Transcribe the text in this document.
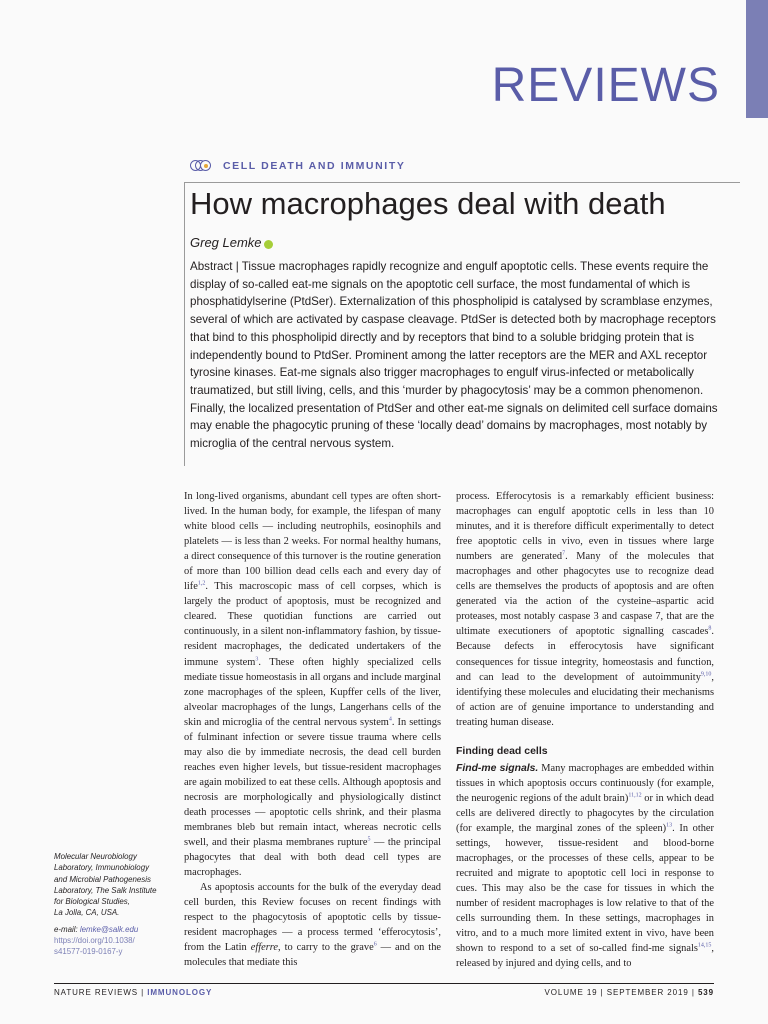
REVIEWS
CELL DEATH AND IMMUNITY
How macrophages deal with death
Greg Lemke

Abstract | Tissue macrophages rapidly recognize and engulf apoptotic cells. These events require the display of so-called eat-me signals on the apoptotic cell surface, the most fundamental of which is phosphatidylserine (PtdSer). Externalization of this phospholipid is catalysed by scramblase enzymes, several of which are activated by caspase cleavage. PtdSer is detected both by macrophage receptors that bind to this phospholipid directly and by receptors that bind to a soluble bridging protein that is independently bound to PtdSer. Prominent among the latter receptors are the MER and AXL receptor tyrosine kinases. Eat-me signals also trigger macrophages to engulf virus-infected or metabolically traumatized, but still living, cells, and this ‘murder by phagocytosis’ may be a common phenomenon. Finally, the localized presentation of PtdSer and other eat-me signals on delimited cell surface domains may enable the phagocytic pruning of these ‘locally dead’ domains by macrophages, most notably by microglia of the central nervous system.

In long-lived organisms, abundant cell types are often short-lived. In the human body, for example, the lifespan of many white blood cells — including neutrophils, eosinophils and platelets — is less than 2 weeks. For normal healthy humans, a direct consequence of this turnover is the routine generation of more than 100 billion dead cells each and every day of life$^{1,2}$. This macroscopic mass of cell corpses, which is largely the product of apoptosis, must be recognized and cleared. These quotidian functions are carried out continuously, in a silent non-inflammatory fashion, by tissue-resident macrophages, the dedicated undertakers of the immune system$^3$. These often highly specialized cells mediate tissue homeostasis in all organs and include marginal zone macrophages of the spleen, Kupffer cells of the liver, alveolar macrophages of the lungs, Langerhans cells of the skin and microglia of the central nervous system$^4$. In settings of fulminant infection or severe tissue trauma where cells may also die by immediate necrosis, the dead cell burden reaches even higher levels, but tissue-resident macrophages are again mobilized to eat these cells. Although apoptosis and necrosis are morphologically and physiologically distinct death processes — apoptotic cells shrink, and their plasma membranes bleb but remain intact, whereas necrotic cells swell, and their plasma membranes rupture$^5$ — the principal phagocytes that deal with both dead cell types are macrophages.

As apoptosis accounts for the bulk of the everyday dead cell burden, this Review focuses on recent findings with respect to the phagocytosis of apoptotic cells by tissue-resident macrophages — a process termed ‘efferocytosis’, from the Latin efferre, to carry to the grave$^6$ — and on the molecules that mediate this

process. Efferocytosis is a remarkably efficient business: macrophages can engulf apoptotic cells in less than 10 minutes, and it is therefore difficult experimentally to detect free apoptotic cells in vivo, even in tissues where large numbers are generated$^7$. Many of the molecules that macrophages and other phagocytes use to recognize dead cells are themselves the products of apoptosis and are often generated via the action of the cysteine–aspartic acid proteases, most notably caspase 3 and caspase 7, that are the ultimate executioners of apoptotic signalling cascades$^8$. Because defects in efferocytosis have significant consequences for tissue integrity, homeostasis and function, and can lead to the development of autoimmunity$^{9,10}$, identifying these molecules and elucidating their mechanisms of action are of genuine importance to understanding and treating human disease.

Finding dead cells

Find-me signals. Many macrophages are embedded within tissues in which apoptosis occurs continuously (for example, the neurogenic regions of the adult brain)$^{11,12}$ or in which dead cells are delivered directly to phagocytes by the circulation (for example, the marginal zones of the spleen)$^{13}$. In other settings, however, tissue-resident and blood-borne macrophages, or the processes of these cells, appear to be recruited and migrate to apoptotic cell loci in response to cues. This may also be the case for tissues in which the number of resident macrophages is low relative to that of the cells surrounding them. In these settings, macrophages in vitro, and to a much more limited extent in vivo, have been shown to respond to a set of so-called find-me signals$^{14,15}$, released by injured and dying cells, and to

Molecular Neurobiology
Laboratory, Immunobiology
and Microbial Pathogenesis
Laboratory, The Salk Institute
for Biological Studies,
La Jolla, CA, USA.
e-mail: lemke@salk.edu
https://doi.org/10.1038/
s41577-019-0167-y
NATURE REVIEWS | IMMUNOLOGY	VOLUME 19 | SEPTEMBER 2019 | 539
